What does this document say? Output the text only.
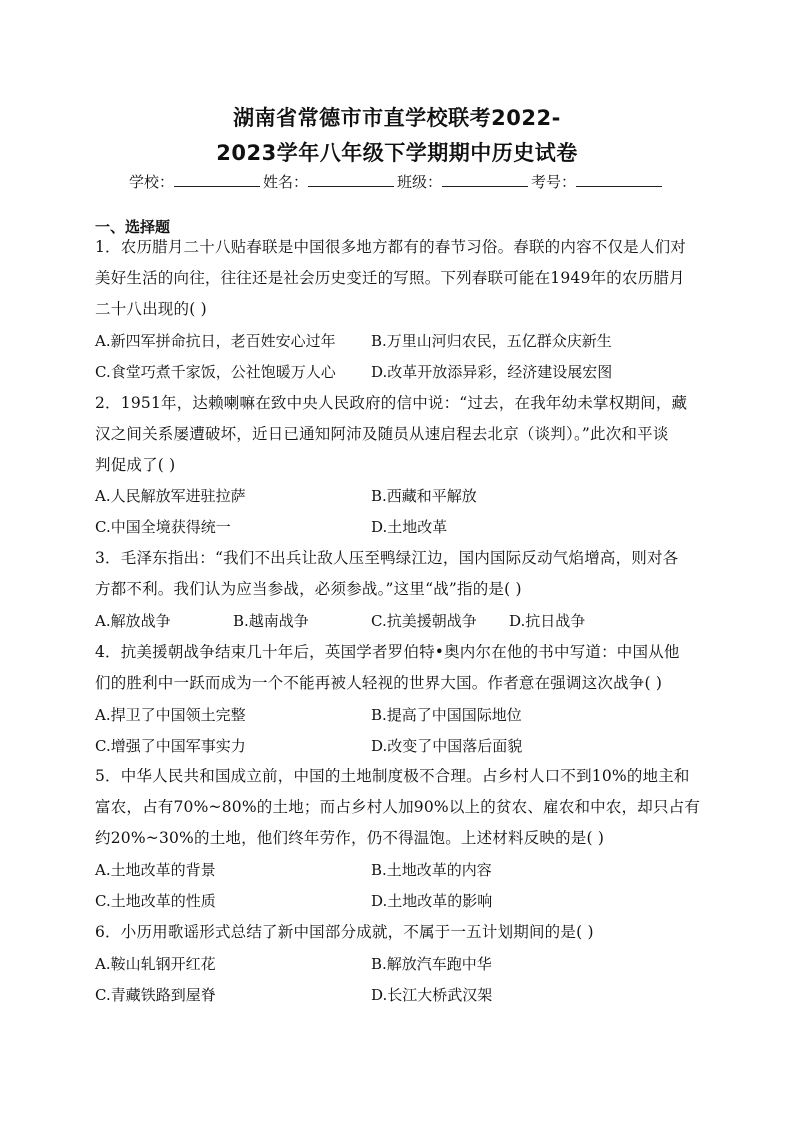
湖南省常德市市直学校联考2022-
2023学年八年级下学期期中历史试卷
学校：	姓名：	班级：	考号：
一、选择题
1．农历腊月二十八贴春联是中国很多地方都有的春节习俗。春联的内容不仅是人们对
美好生活的向往，往往还是社会历史变迁的写照。下列春联可能在1949年的农历腊月
二十八出现的( )
A.新四军拼命抗日，老百姓安心过年 B.万里山河归农民，五亿群众庆新生
C.食堂巧煮千家饭，公社饱暖万人心 D.改革开放添异彩，经济建设展宏图
2．1951年，达赖喇嘛在致中央人民政府的信中说：“过去，在我年幼未掌权期间，藏
汉之间关系屡遭破坏，近日已通知阿沛及随员从速启程去北京（谈判）。”此次和平谈
判促成了( )
A.人民解放军进驻拉萨	B.西藏和平解放
C.中国全境获得统一	D.土地改革
3．毛泽东指出：“我们不出兵让敌人压至鸭绿江边，国内国际反动气焰增高，则对各
方都不利。我们认为应当参战，必须参战。”这里“战”指的是( )
A.解放战争	B.越南战争	C.抗美援朝战争 D.抗日战争
4．抗美援朝战争结束几十年后，英国学者罗伯特•奥内尔在他的书中写道：中国从他
们的胜利中一跃而成为一个不能再被人轻视的世界大国。作者意在强调这次战争( )
A.捍卫了中国领土完整	B.提高了中国国际地位
C.增强了中国军事实力	D.改变了中国落后面貌
5．中华人民共和国成立前，中国的土地制度极不合理。占乡村人口不到10%的地主和
富农，占有70%~80%的土地；而占乡村人加90%以上的贫农、雇农和中农，却只占有
约20%~30%的土地，他们终年劳作，仍不得温饱。上述材料反映的是( )
A.土地改革的背景	B.土地改革的内容
C.土地改革的性质	D.土地改革的影响
6．小历用歌谣形式总结了新中国部分成就，不属于一五计划期间的是( )
A.鞍山轧钢开红花	B.解放汽车跑中华
C.青藏铁路到屋脊	D.长江大桥武汉架
